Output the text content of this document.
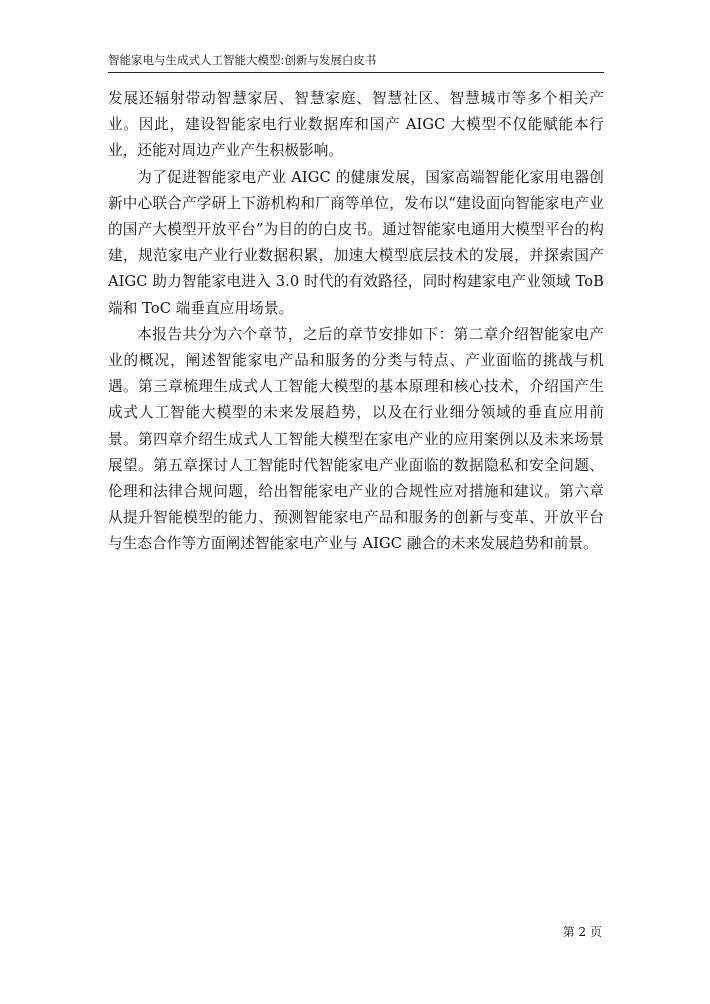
智能家电与生成式人工智能大模型:创新与发展白皮书

发展还辐射带动智慧家居、智慧家庭、智慧社区、智慧城市等多个相关产业。因此，建设智能家电行业数据库和国产 AIGC 大模型不仅能赋能本行业，还能对周边产业产生积极影响。

为了促进智能家电产业 AIGC 的健康发展，国家高端智能化家用电器创新中心联合产学研上下游机构和厂商等单位，发布以“建设面向智能家电产业的国产大模型开放平台”为目的的白皮书。通过智能家电通用大模型平台的构建，规范家电产业行业数据积累，加速大模型底层技术的发展，并探索国产 AIGC 助力智能家电进入 3.0 时代的有效路径，同时构建家电产业领域 ToB 端和 ToC 端垂直应用场景。

本报告共分为六个章节，之后的章节安排如下：第二章介绍智能家电产业的概况，阐述智能家电产品和服务的分类与特点、产业面临的挑战与机遇。第三章梳理生成式人工智能大模型的基本原理和核心技术，介绍国产生成式人工智能大模型的未来发展趋势，以及在行业细分领域的垂直应用前景。第四章介绍生成式人工智能大模型在家电产业的应用案例以及未来场景展望。第五章探讨人工智能时代智能家电产业面临的数据隐私和安全问题、伦理和法律合规问题，给出智能家电产业的合规性应对措施和建议。第六章从提升智能模型的能力、预测智能家电产品和服务的创新与变革、开放平台与生态合作等方面阐述智能家电产业与 AIGC 融合的未来发展趋势和前景。

第 2 页
